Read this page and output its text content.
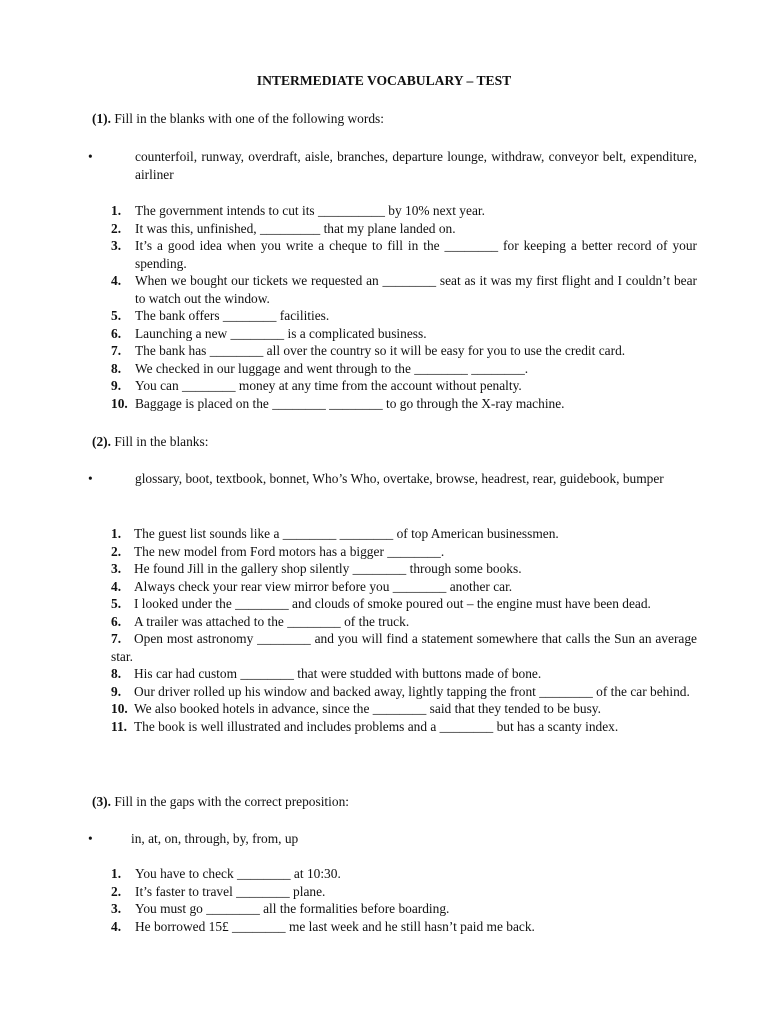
INTERMEDIATE VOCABULARY – TEST
(1). Fill in the blanks with one of the following words:
•	counterfoil, runway, overdraft, aisle, branches, departure lounge, withdraw, conveyor belt, expenditure, airliner
1. The government intends to cut its __________ by 10% next year.
2. It was this, unfinished, _________ that my plane landed on.
3. It’s a good idea when you write a cheque to fill in the ________ for keeping a better record of your spending.
4. When we bought our tickets we requested an ________ seat as it was my first flight and I couldn’t bear to watch out the window.
5. The bank offers ________ facilities.
6. Launching a new ________ is a complicated business.
7. The bank has ________ all over the country so it will be easy for you to use the credit card.
8. We checked in our luggage and went through to the ________ ________.
9. You can ________ money at any time from the account without penalty.
10. Baggage is placed on the ________ ________ to go through the X-ray machine.
(2). Fill in the blanks:
•	glossary, boot, textbook, bonnet, Who’s Who, overtake, browse, headrest, rear, guidebook, bumper
1. The guest list sounds like a ________ ________ of top American businessmen.
2. The new model from Ford motors has a bigger ________.
3. He found Jill in the gallery shop silently ________ through some books.
4. Always check your rear view mirror before you ________ another car.
5. I looked under the ________ and clouds of smoke poured out – the engine must have been dead.
6. A trailer was attached to the ________ of the truck.
7. Open most astronomy ________ and you will find a statement somewhere that calls the Sun an average star.
8. His car had custom ________ that were studded with buttons made of bone.
9. Our driver rolled up his window and backed away, lightly tapping the front ________ of the car behind.
10. We also booked hotels in advance, since the ________ said that they tended to be busy.
11. The book is well illustrated and includes problems and a ________ but has a scanty index.
(3). Fill in the gaps with the correct preposition:
•	in, at, on, through, by, from, up
1. You have to check ________ at 10:30.
2. It’s faster to travel ________ plane.
3. You must go ________ all the formalities before boarding.
4. He borrowed 15£ ________ me last week and he still hasn’t paid me back.
